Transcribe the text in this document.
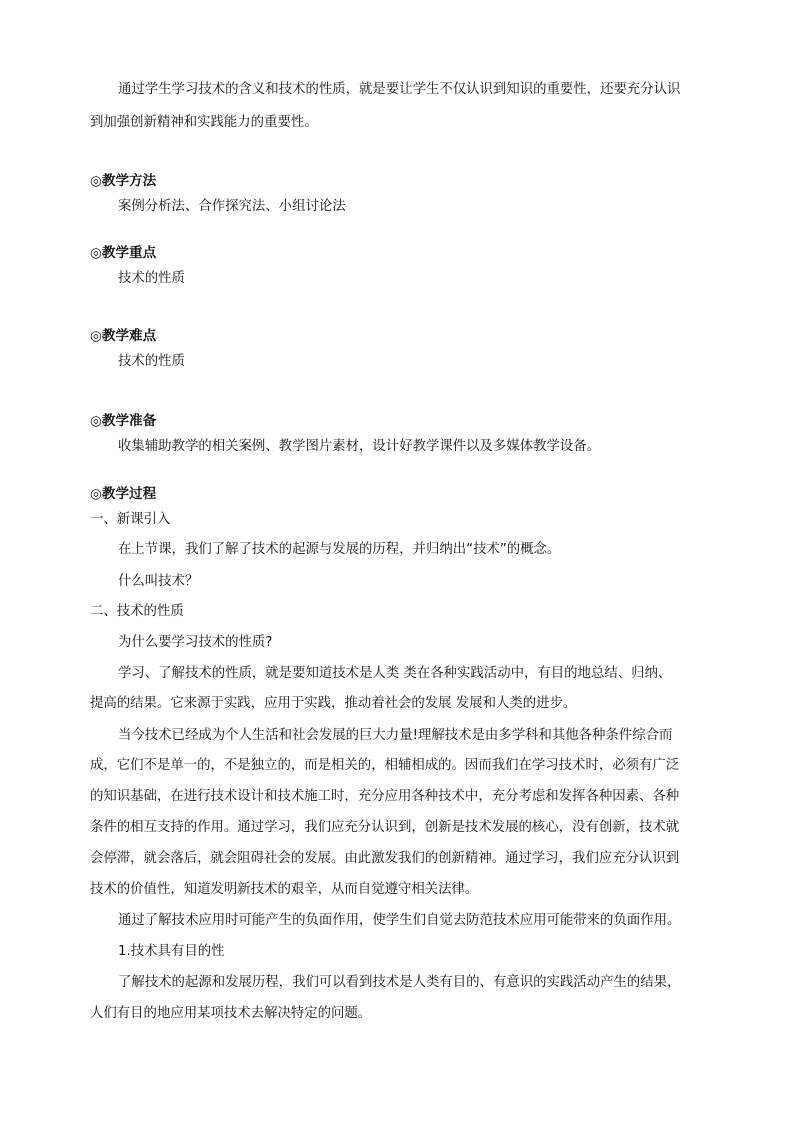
通过学生学习技术的含义和技术的性质，就是要让学生不仅认识到知识的重要性，还要充分认识
到加强创新精神和实践能力的重要性。
◎教学方法
案例分析法、合作探究法、小组讨论法
◎教学重点
技术的性质
◎教学难点
技术的性质
◎教学准备
收集辅助教学的相关案例、教学图片素材，设计好教学课件以及多媒体教学设备。
◎教学过程
一、新课引入
在上节课，我们了解了技术的起源与发展的历程，并归纳出“技术”的概念。
什么叫技术？
二、技术的性质
为什么要学习技术的性质?
学习、了解技术的性质，就是要知道技术是人类 类在各种实践活动中，有目的地总结、归纳、
提高的结果。它来源于实践，应用于实践，推动着社会的发展 发展和人类的进步。
当今技术已经成为个人生活和社会发展的巨大力量!理解技术是由多学科和其他各种条件综合而
成，它们不是单一的，不是独立的，而是相关的，相辅相成的。因而我们在学习技术时，必须有广泛
的知识基础，在进行技术设计和技术施工时，充分应用各种技术中，充分考虑和发挥各种因素、各种
条件的相互支持的作用。通过学习，我们应充分认识到，创新是技术发展的核心，没有创新，技术就
会停滞，就会落后，就会阻碍社会的发展。由此激发我们的创新精神。通过学习，我们应充分认识到
技术的价值性，知道发明新技术的艰辛，从而自觉遵守相关法律。
通过了解技术应用时可能产生的负面作用，使学生们自觉去防范技术应用可能带来的负面作用。
1.技术具有目的性
了解技术的起源和发展历程，我们可以看到技术是人类有目的、有意识的实践活动产生的结果，
人们有目的地应用某项技术去解决特定的问题。
